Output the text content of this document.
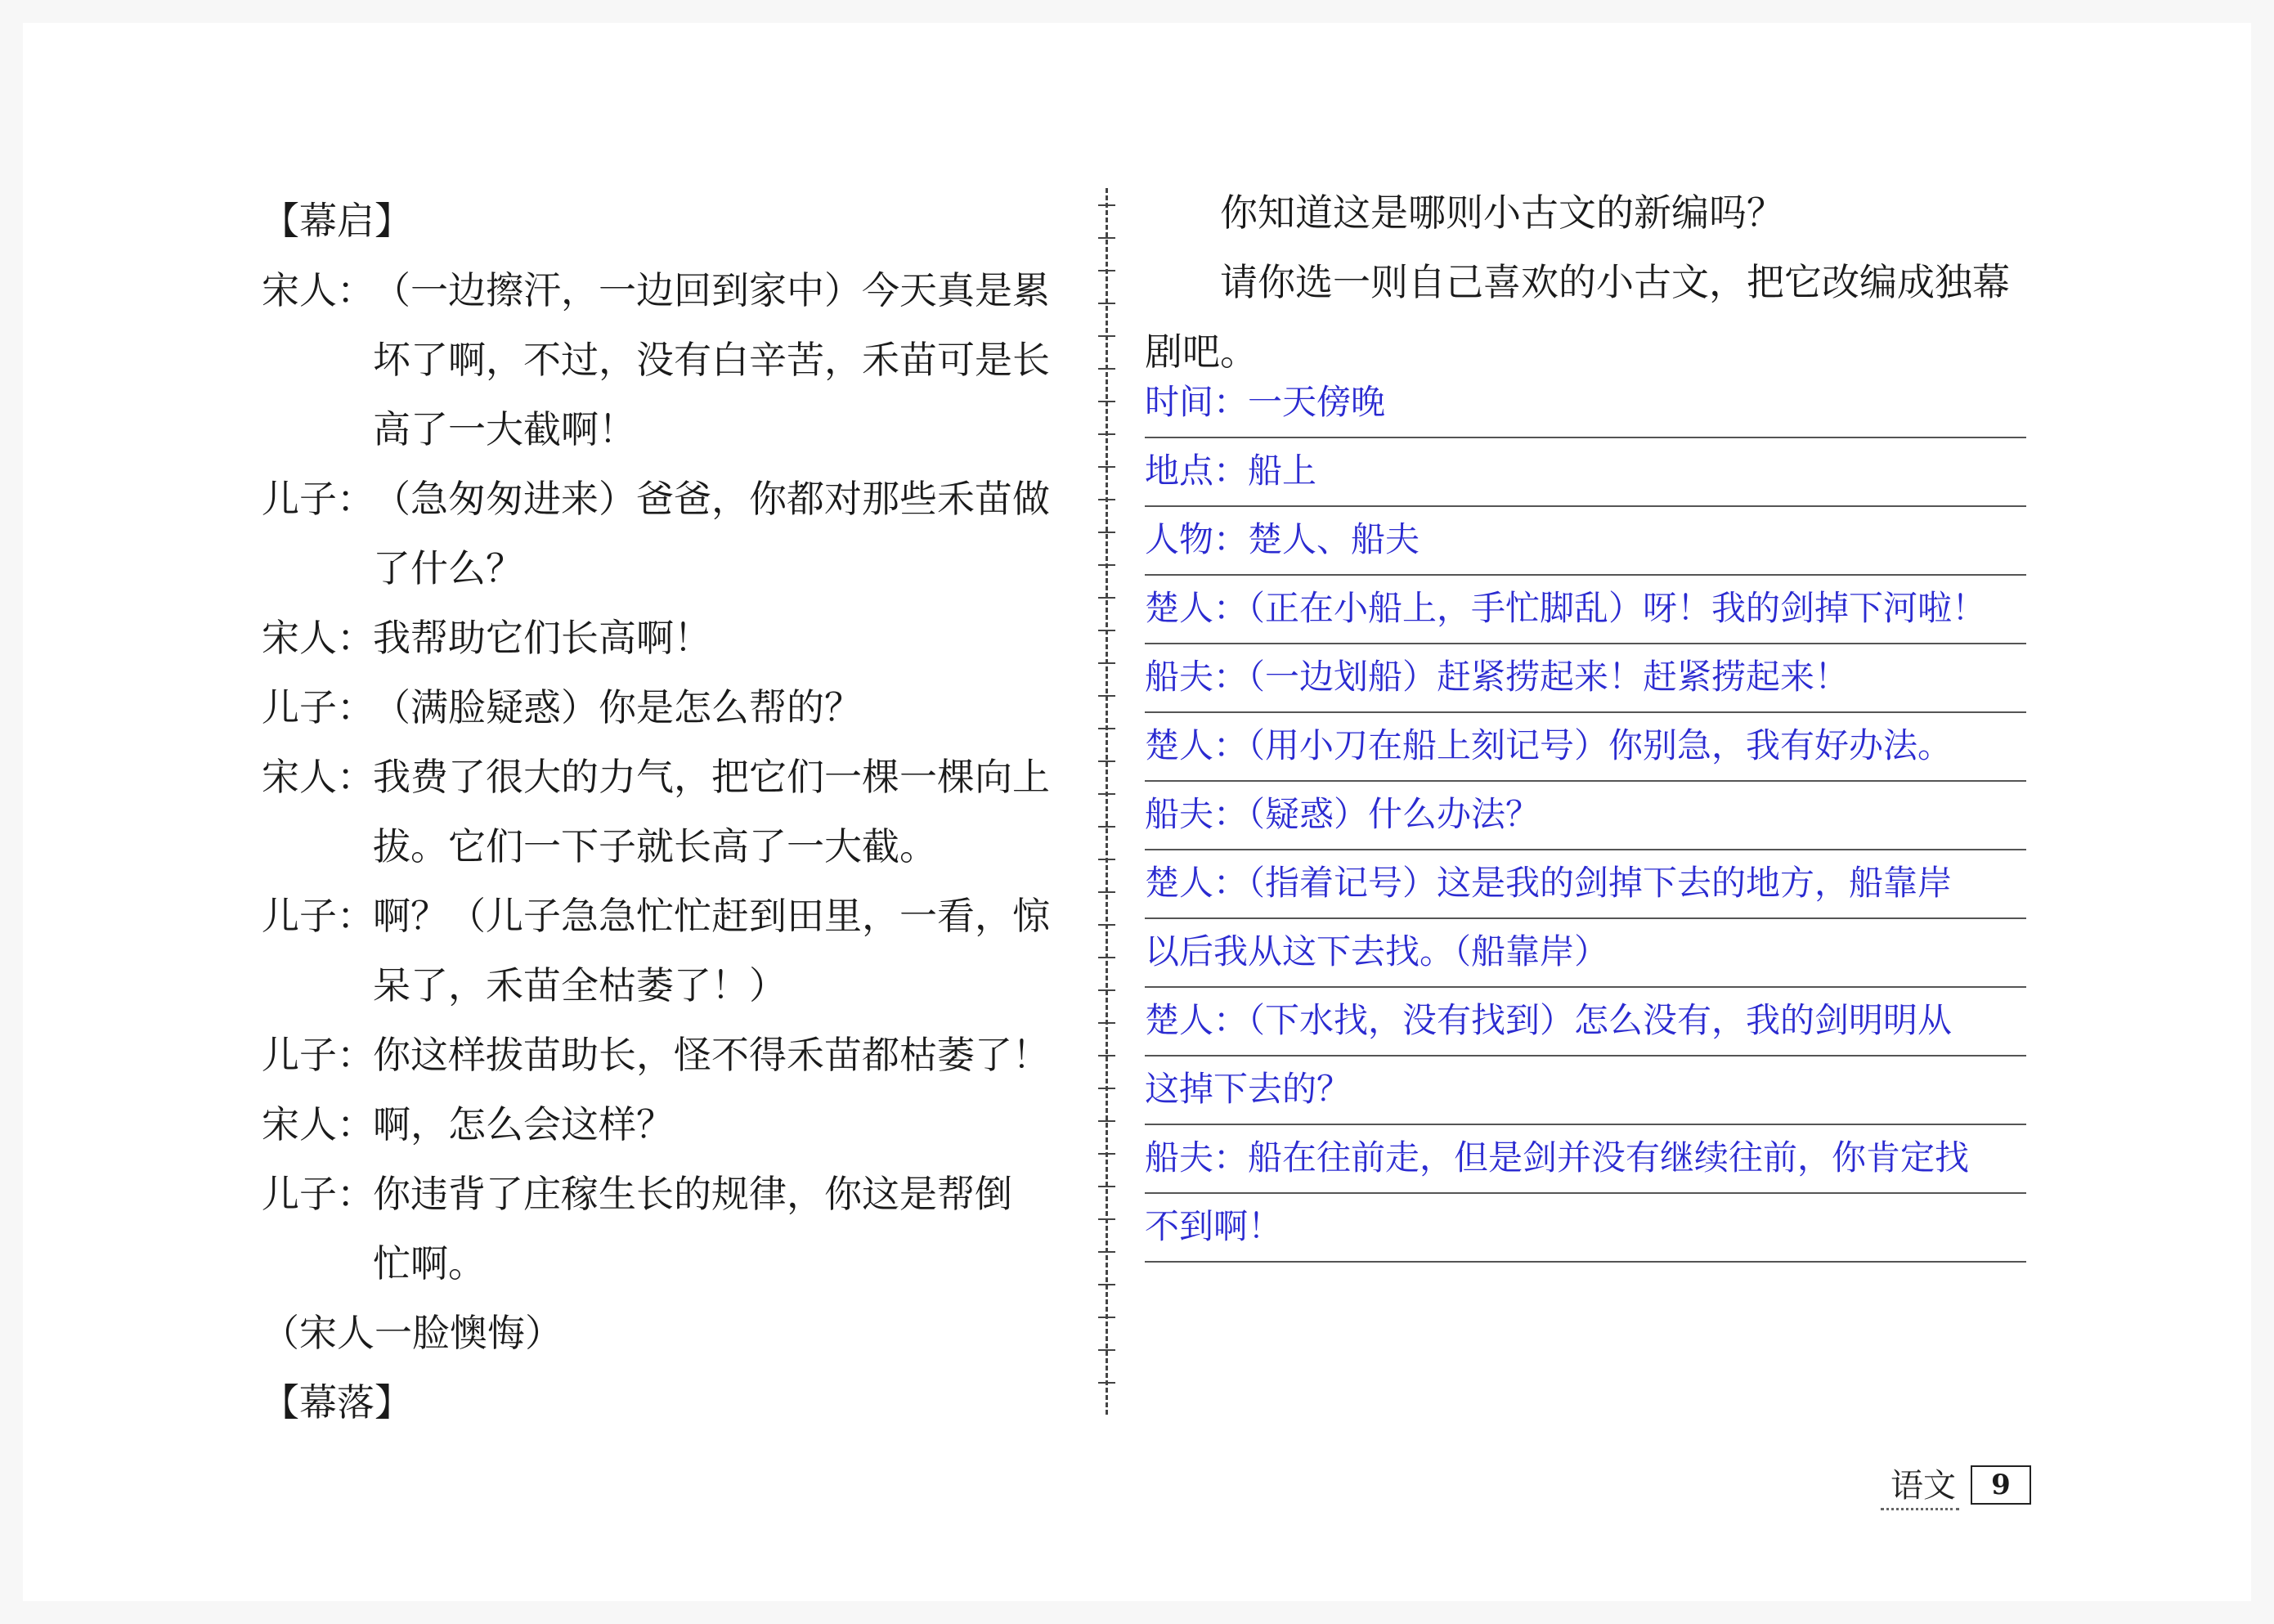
【幕启】
宋人：
（一边擦汗，一边回到家中）今天真是累
坏了啊，不过，没有白辛苦，禾苗可是长
高了一大截啊！
儿子：
（急匆匆进来）爸爸，你都对那些禾苗做
了什么？
宋人：
我帮助它们长高啊！
儿子：
（满脸疑惑）你是怎么帮的？
宋人：
我费了很大的力气，把它们一棵一棵向上
拔。它们一下子就长高了一大截。
儿子：
啊？（儿子急急忙忙赶到田里，一看，惊
呆了，禾苗全枯萎了！）
儿子：
你这样拔苗助长，怪不得禾苗都枯萎了！
宋人：
啊，怎么会这样？
儿子：
你违背了庄稼生长的规律，你这是帮倒
忙啊。
（宋人一脸懊悔）
【幕落】
你知道这是哪则小古文的新编吗？
请你选一则自己喜欢的小古文，把它改编成独幕
剧吧。
时间：一天傍晚
地点：船上
人物：楚人、船夫
楚人：（正在小船上，手忙脚乱）呀！我的剑掉下河啦！
船夫：（一边划船）赶紧捞起来！赶紧捞起来！
楚人：（用小刀在船上刻记号）你别急，我有好办法。
船夫：（疑惑）什么办法？
楚人：（指着记号）这是我的剑掉下去的地方，船靠岸
以后我从这下去找。（船靠岸）
楚人：（下水找，没有找到）怎么没有，我的剑明明从
这掉下去的？
船夫：船在往前走，但是剑并没有继续往前，你肯定找
不到啊！
语文	9
